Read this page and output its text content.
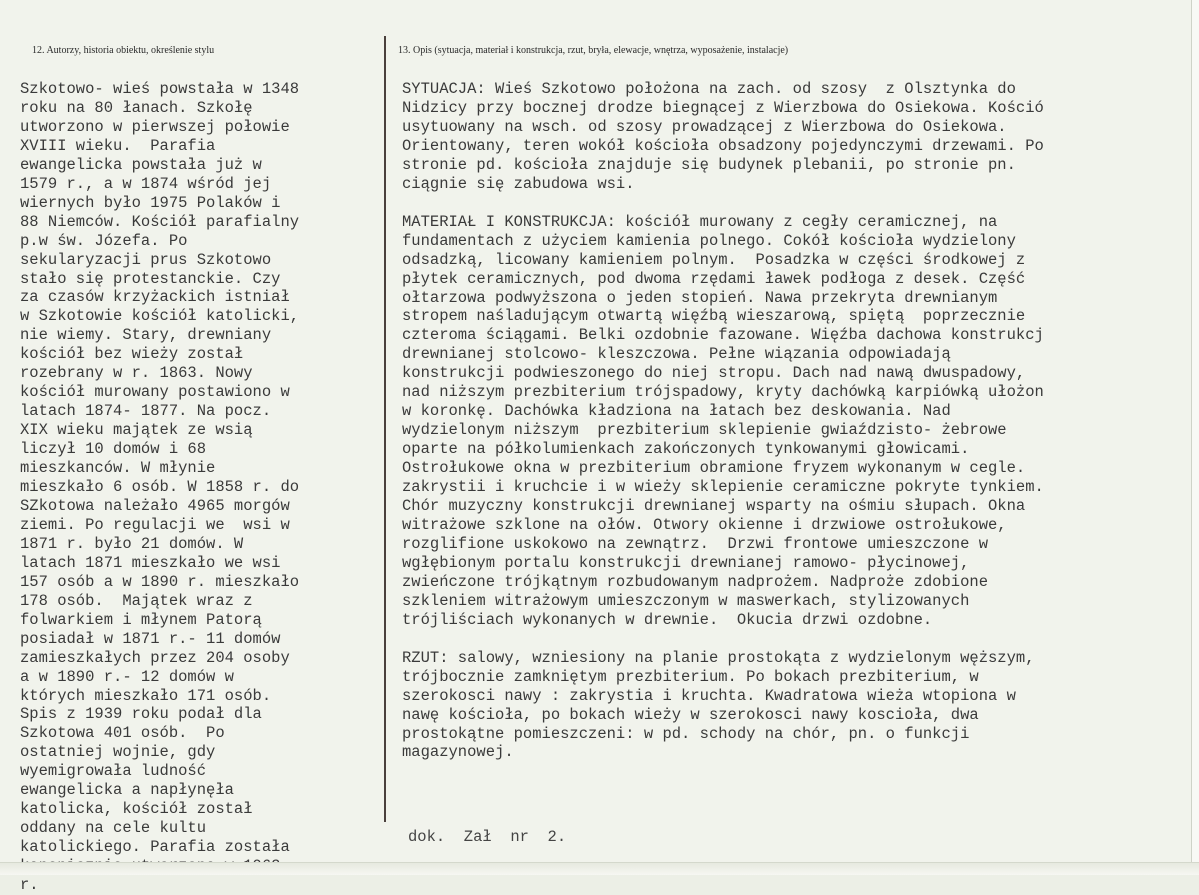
12. Autorzy, historia obiektu, określenie stylu	13. Opis (sytuacja, materiał i konstrukcja, rzut, bryła, elewacje, wnętrza, wyposażenie, instalacje)
Szkotowo- wieś powstała w 1348
roku na 80 łanach. Szkołę
utworzono w pierwszej połowie
XVIII wieku.  Parafia
ewangelicka powstała już w
1579 r., a w 1874 wśród jej
wiernych było 1975 Polaków i
88 Niemców. Kościół parafialny
p.w św. Józefa. Po
sekularyzacji prus Szkotowo
stało się protestanckie. Czy
za czasów krzyżackich istniał
w Szkotowie kościół katolicki,
nie wiemy. Stary, drewniany
kościół bez wieży został
rozebrany w r. 1863. Nowy
kościół murowany postawiono w
latach 1874- 1877. Na pocz.
XIX wieku majątek ze wsią
liczył 10 domów i 68
mieszkanców. W młynie
mieszkało 6 osób. W 1858 r. do
SZkotowa należało 4965 morgów
ziemi. Po regulacji we  wsi w
1871 r. było 21 domów. W
latach 1871 mieszkało we wsi
157 osób a w 1890 r. mieszkało
178 osób.  Majątek wraz z
folwarkiem i młynem Patorą
posiadał w 1871 r.- 11 domów
zamieszkałych przez 204 osoby
a w 1890 r.- 12 domów w
których mieszkało 171 osób.
Spis z 1939 roku podał dla
Szkotowa 401 osób.  Po
ostatniej wojnie, gdy
wyemigrowała ludność
ewangelicka a napłynęła
katolicka, kościół został
oddany na cele kultu
katolickiego. Parafia została

r.
SYTUACJA: Wieś Szkotowo położona na zach. od szosy  z Olsztynka do
Nidzicy przy bocznej drodze biegnącej z Wierzbowa do Osiekowa. Kośció
usytuowany na wsch. od szosy prowadzącej z Wierzbowa do Osiekowa.
Orientowany, teren wokół kościoła obsadzony pojedynczymi drzewami. Po
stronie pd. kościoła znajduje się budynek plebanii, po stronie pn.
ciągnie się zabudowa wsi.
MATERIAŁ I KONSTRUKCJA: kościół murowany z cegły ceramicznej, na
fundamentach z użyciem kamienia polnego. Cokół kościoła wydzielony
odsadzką, licowany kamieniem polnym.  Posadzka w części środkowej z
płytek ceramicznych, pod dwoma rzędami ławek podłoga z desek. Część
ołtarzowa podwyższona o jeden stopień. Nawa przekryta drewnianym
stropem naśladującym otwartą więźbą wieszarową, spiętą  poprzecznie
cztero​ma ściągami. Belki ozdobnie fazowane. Więźba dachowa konstrukcj
drewnianej stolcowo- kleszczowa. Pełne wiązania odpowiadają
konstrukcji podwieszonego do niej stropu. Dach nad nawą dwuspadowy,
nad niższym prezbiterium trójspadowy, kryty dachówką karpiówką ułożon
w koronkę. Dachówka kładziona na łatach bez deskowania. Nad
wydzielonym niższym  prezbiterium sklepienie gwiaździsto- żebrowe
oparte na półkolumienkach zakończonych tynkowanymi głowicami.
Ostrołukowe okna w prezbiterium obramione fryzem wykonanym w cegle.
zakrystii i kruchcie i w wieży sklepienie ceramiczne pokryte tynkiem.
Chór muzyczny konstrukcji drewnianej wsparty na ośmiu słupach. Okna
witrażowe szklone na ołów. Otwory okienne i drzwiowe ostrołukowe,
rozglifione uskokowo na zewnątrz.  Drzwi frontowe umieszczone w
wgłębionym portalu konstrukcji drewnianej ramowo- płycinowej,
zwieńczone trójkątnym rozbudowanym nadprożem. Nadproże zdobione
szkleniem witrażowym umieszczonym w maswerkach, stylizowanych
trójliściach wykonanych w drewnie.  Okucia drzwi ozdobne.
RZUT: salowy, wzniesiony na planie prostokąta z wydzielonym węższym,
trójbocznie zamkniętym prezbiterium. Po bokach prezbiterium, w
szerokosci nawy : zakrystia i kruchta. Kwadratowa wieża wtopiona w
nawę kościoła, po bokach wieży w szerokosci nawy koscioła, dwa
prostokątne pomieszczeni: w pd. schody na chór, pn. o funkcji
magazynowej.
dok.  Zał  nr  2.
